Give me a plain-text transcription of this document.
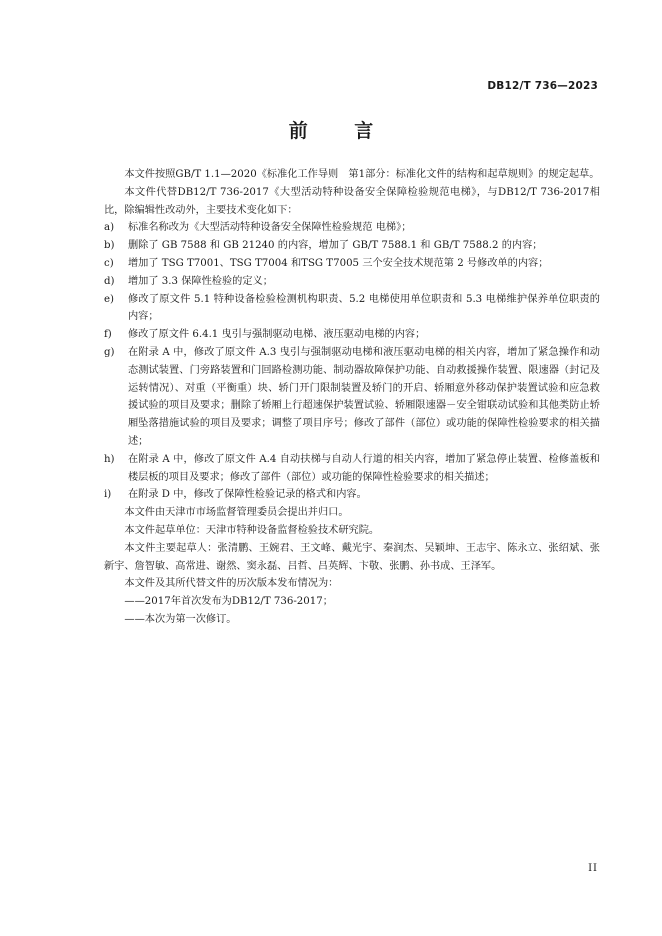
DB12/T 736—2023
前 言

本文件按照GB/T 1.1—2020《标准化工作导则　第1部分：标准化文件的结构和起草规则》的规定起草。

本文件代替DB12/T 736-2017《大型活动特种设备安全保障检验规范电梯》，与DB12/T 736-2017相比，除编辑性改动外，主要技术变化如下：

a)	标准名称改为《大型活动特种设备安全保障性检验规范 电梯》；
b)	删除了 GB 7588 和 GB 21240 的内容，增加了 GB/T 7588.1 和 GB/T 7588.2 的内容；
c)	增加了 TSG T7001、TSG T7004 和TSG T7005 三个安全技术规范第 2 号修改单的内容；
d)	增加了 3.3 保障性检验的定义；
e)	修改了原文件 5.1 特种设备检验检测机构职责、5.2 电梯使用单位职责和 5.3 电梯维护保养单位职责的内容；
f)	修改了原文件 6.4.1 曳引与强制驱动电梯、液压驱动电梯的内容；
g)	在附录 A 中，修改了原文件 A.3 曳引与强制驱动电梯和液压驱动电梯的相关内容，增加了紧急操作和动态测试装置、门旁路装置和门回路检测功能、制动器故障保护功能、自动救援操作装置、限速器（封记及运转情况）、对重（平衡重）块、轿门开门限制装置及轿门的开启、轿厢意外移动保护装置试验和应急救援试验的项目及要求；删除了轿厢上行超速保护装置试验、轿厢限速器－安全钳联动试验和其他类防止轿厢坠落措施试验的项目及要求；调整了项目序号；修改了部件（部位）或功能的保障性检验要求的相关描述；
h)	在附录 A 中，修改了原文件 A.4 自动扶梯与自动人行道的相关内容，增加了紧急停止装置、检修盖板和楼层板的项目及要求；修改了部件（部位）或功能的保障性检验要求的相关描述；
i)	在附录 D 中，修改了保障性检验记录的格式和内容。

本文件由天津市市场监督管理委员会提出并归口。

本文件起草单位：天津市特种设备监督检验技术研究院。

本文件主要起草人：张清鹏、王婉君、王文峰、戴光宇、秦润杰、吴颖坤、王志宇、陈永立、张绍斌、张新宇、詹智敏、高常进、谢然、窦永磊、吕哲、吕英辉、卞敬、张鹏、孙书成、王泽军。

本文件及其所代替文件的历次版本发布情况为：

——2017年首次发布为DB12/T 736-2017；

——本次为第一次修订。

II
